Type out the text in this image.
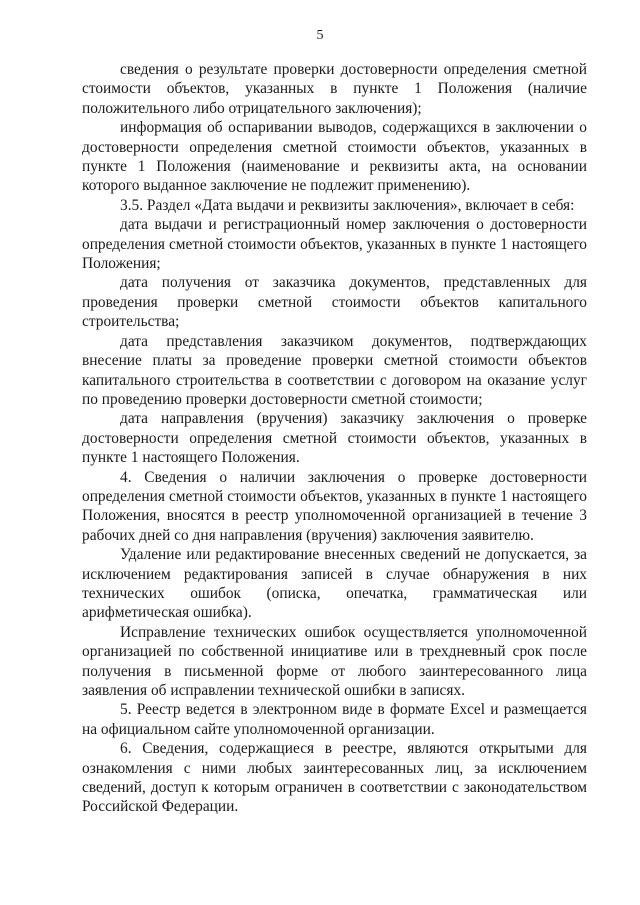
5

сведения о результате проверки достоверности определения сметной стоимости объектов, указанных в пункте 1 Положения (наличие положительного либо отрицательного заключения);

информация об оспаривании выводов, содержащихся в заключении о достоверности определения сметной стоимости объектов, указанных в пункте 1 Положения (наименование и реквизиты акта, на основании которого выданное заключение не подлежит применению).

3.5. Раздел «Дата выдачи и реквизиты заключения», включает в себя:

дата выдачи и регистрационный номер заключения о достоверности определения сметной стоимости объектов, указанных в пункте 1 настоящего Положения;

дата получения от заказчика документов, представленных для проведения проверки сметной стоимости объектов капитального строительства;

дата представления заказчиком документов, подтверждающих внесение платы за проведение проверки сметной стоимости объектов капитального строительства в соответствии с договором на оказание услуг по проведению проверки достоверности сметной стоимости;

дата направления (вручения) заказчику заключения о проверке достоверности определения сметной стоимости объектов, указанных в пункте 1 настоящего Положения.

4. Сведения о наличии заключения о проверке достоверности определения сметной стоимости объектов, указанных в пункте 1 настоящего Положения, вносятся в реестр уполномоченной организацией в течение 3 рабочих дней со дня направления (вручения) заключения заявителю.

Удаление или редактирование внесенных сведений не допускается, за исключением редактирования записей в случае обнаружения в них технических ошибок (описка, опечатка, грамматическая или арифметическая ошибка).

Исправление технических ошибок осуществляется уполномоченной организацией по собственной инициативе или в трехдневный срок после получения в письменной форме от любого заинтересованного лица заявления об исправлении технической ошибки в записях.

5. Реестр ведется в электронном виде в формате Excel и размещается на официальном сайте уполномоченной организации.

6. Сведения, содержащиеся в реестре, являются открытыми для ознакомления с ними любых заинтересованных лиц, за исключением сведений, доступ к которым ограничен в соответствии с законодательством Российской Федерации.
